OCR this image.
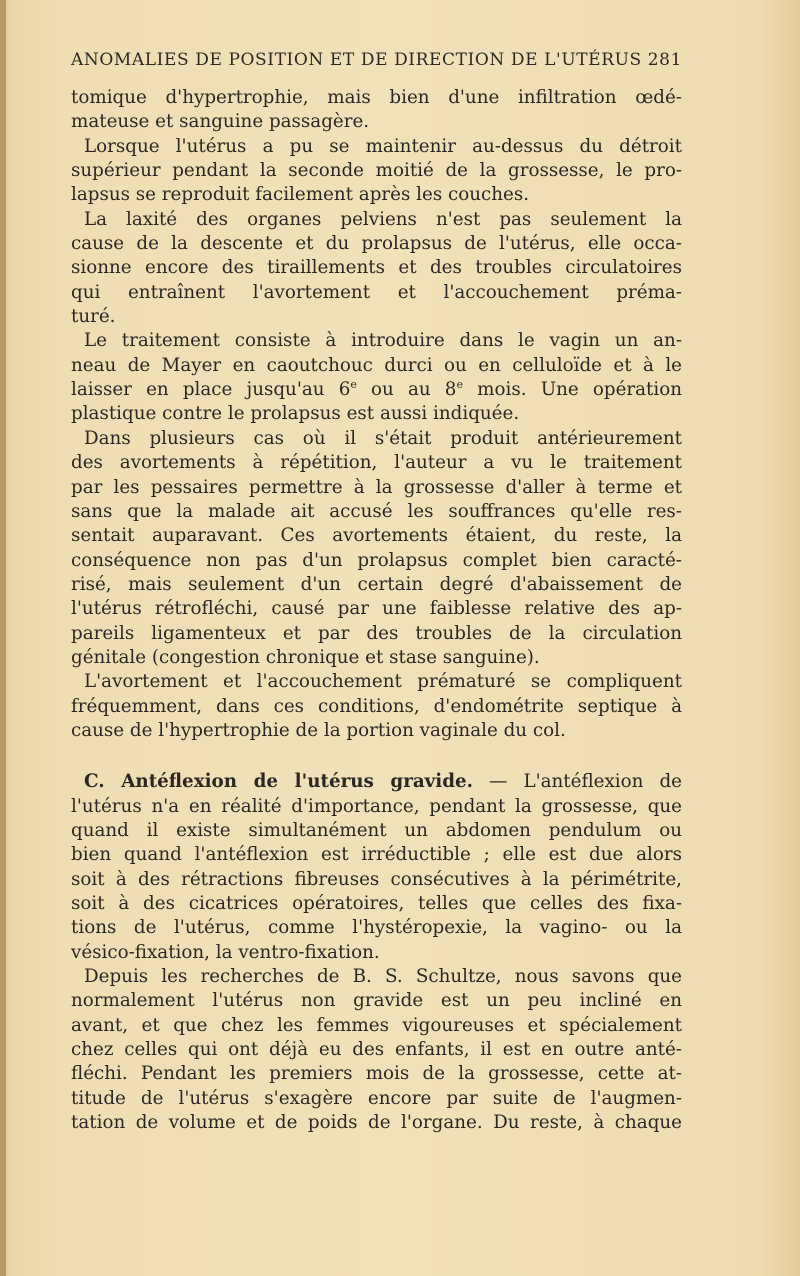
ANOMALIES DE POSITION ET DE DIRECTION DE L'UTÉRUS 281

tomique d'hypertrophie, mais bien d'une infiltration œdé-
mateuse et sanguine passagère.

Lorsque l'utérus a pu se maintenir au-dessus du détroit
supérieur pendant la seconde moitié de la grossesse, le pro-
lapsus se reproduit facilement après les couches.

La laxité des organes pelviens n'est pas seulement la
cause de la descente et du prolapsus de l'utérus, elle occa-
sionne encore des tiraillements et des troubles circulatoires
qui entraînent l'avortement et l'accouchement préma-
turé.

Le traitement consiste à introduire dans le vagin un an-
neau de Mayer en caoutchouc durci ou en celluloïde et à le
laisser en place jusqu'au 6e ou au 8e mois. Une opération
plastique contre le prolapsus est aussi indiquée.

Dans plusieurs cas où il s'était produit antérieurement
des avortements à répétition, l'auteur a vu le traitement
par les pessaires permettre à la grossesse d'aller à terme et
sans que la malade ait accusé les souffrances qu'elle res-
sentait auparavant. Ces avortements étaient, du reste, la
conséquence non pas d'un prolapsus complet bien caracté-
risé, mais seulement d'un certain degré d'abaissement de
l'utérus rétrofléchi, causé par une faiblesse relative des ap-
pareils ligamenteux et par des troubles de la circulation
génitale (congestion chronique et stase sanguine).

L'avortement et l'accouchement prématuré se compliquent
fréquemment, dans ces conditions, d'endométrite septique à
cause de l'hypertrophie de la portion vaginale du col.

C. Antéflexion de l'utérus gravide. — L'antéflexion de
l'utérus n'a en réalité d'importance, pendant la grossesse, que
quand il existe simultanément un abdomen pendulum ou
bien quand l'antéflexion est irréductible ; elle est due alors
soit à des rétractions fibreuses consécutives à la périmétrite,
soit à des cicatrices opératoires, telles que celles des fixa-
tions de l'utérus, comme l'hystéropexie, la vagino- ou la
vésico-fixation, la ventro-fixation.

Depuis les recherches de B. S. Schultze, nous savons que
normalement l'utérus non gravide est un peu incliné en
avant, et que chez les femmes vigoureuses et spécialement
chez celles qui ont déjà eu des enfants, il est en outre anté-
fléchi. Pendant les premiers mois de la grossesse, cette at-
titude de l'utérus s'exagère encore par suite de l'augmen-
tation de volume et de poids de l'organe. Du reste, à chaque
